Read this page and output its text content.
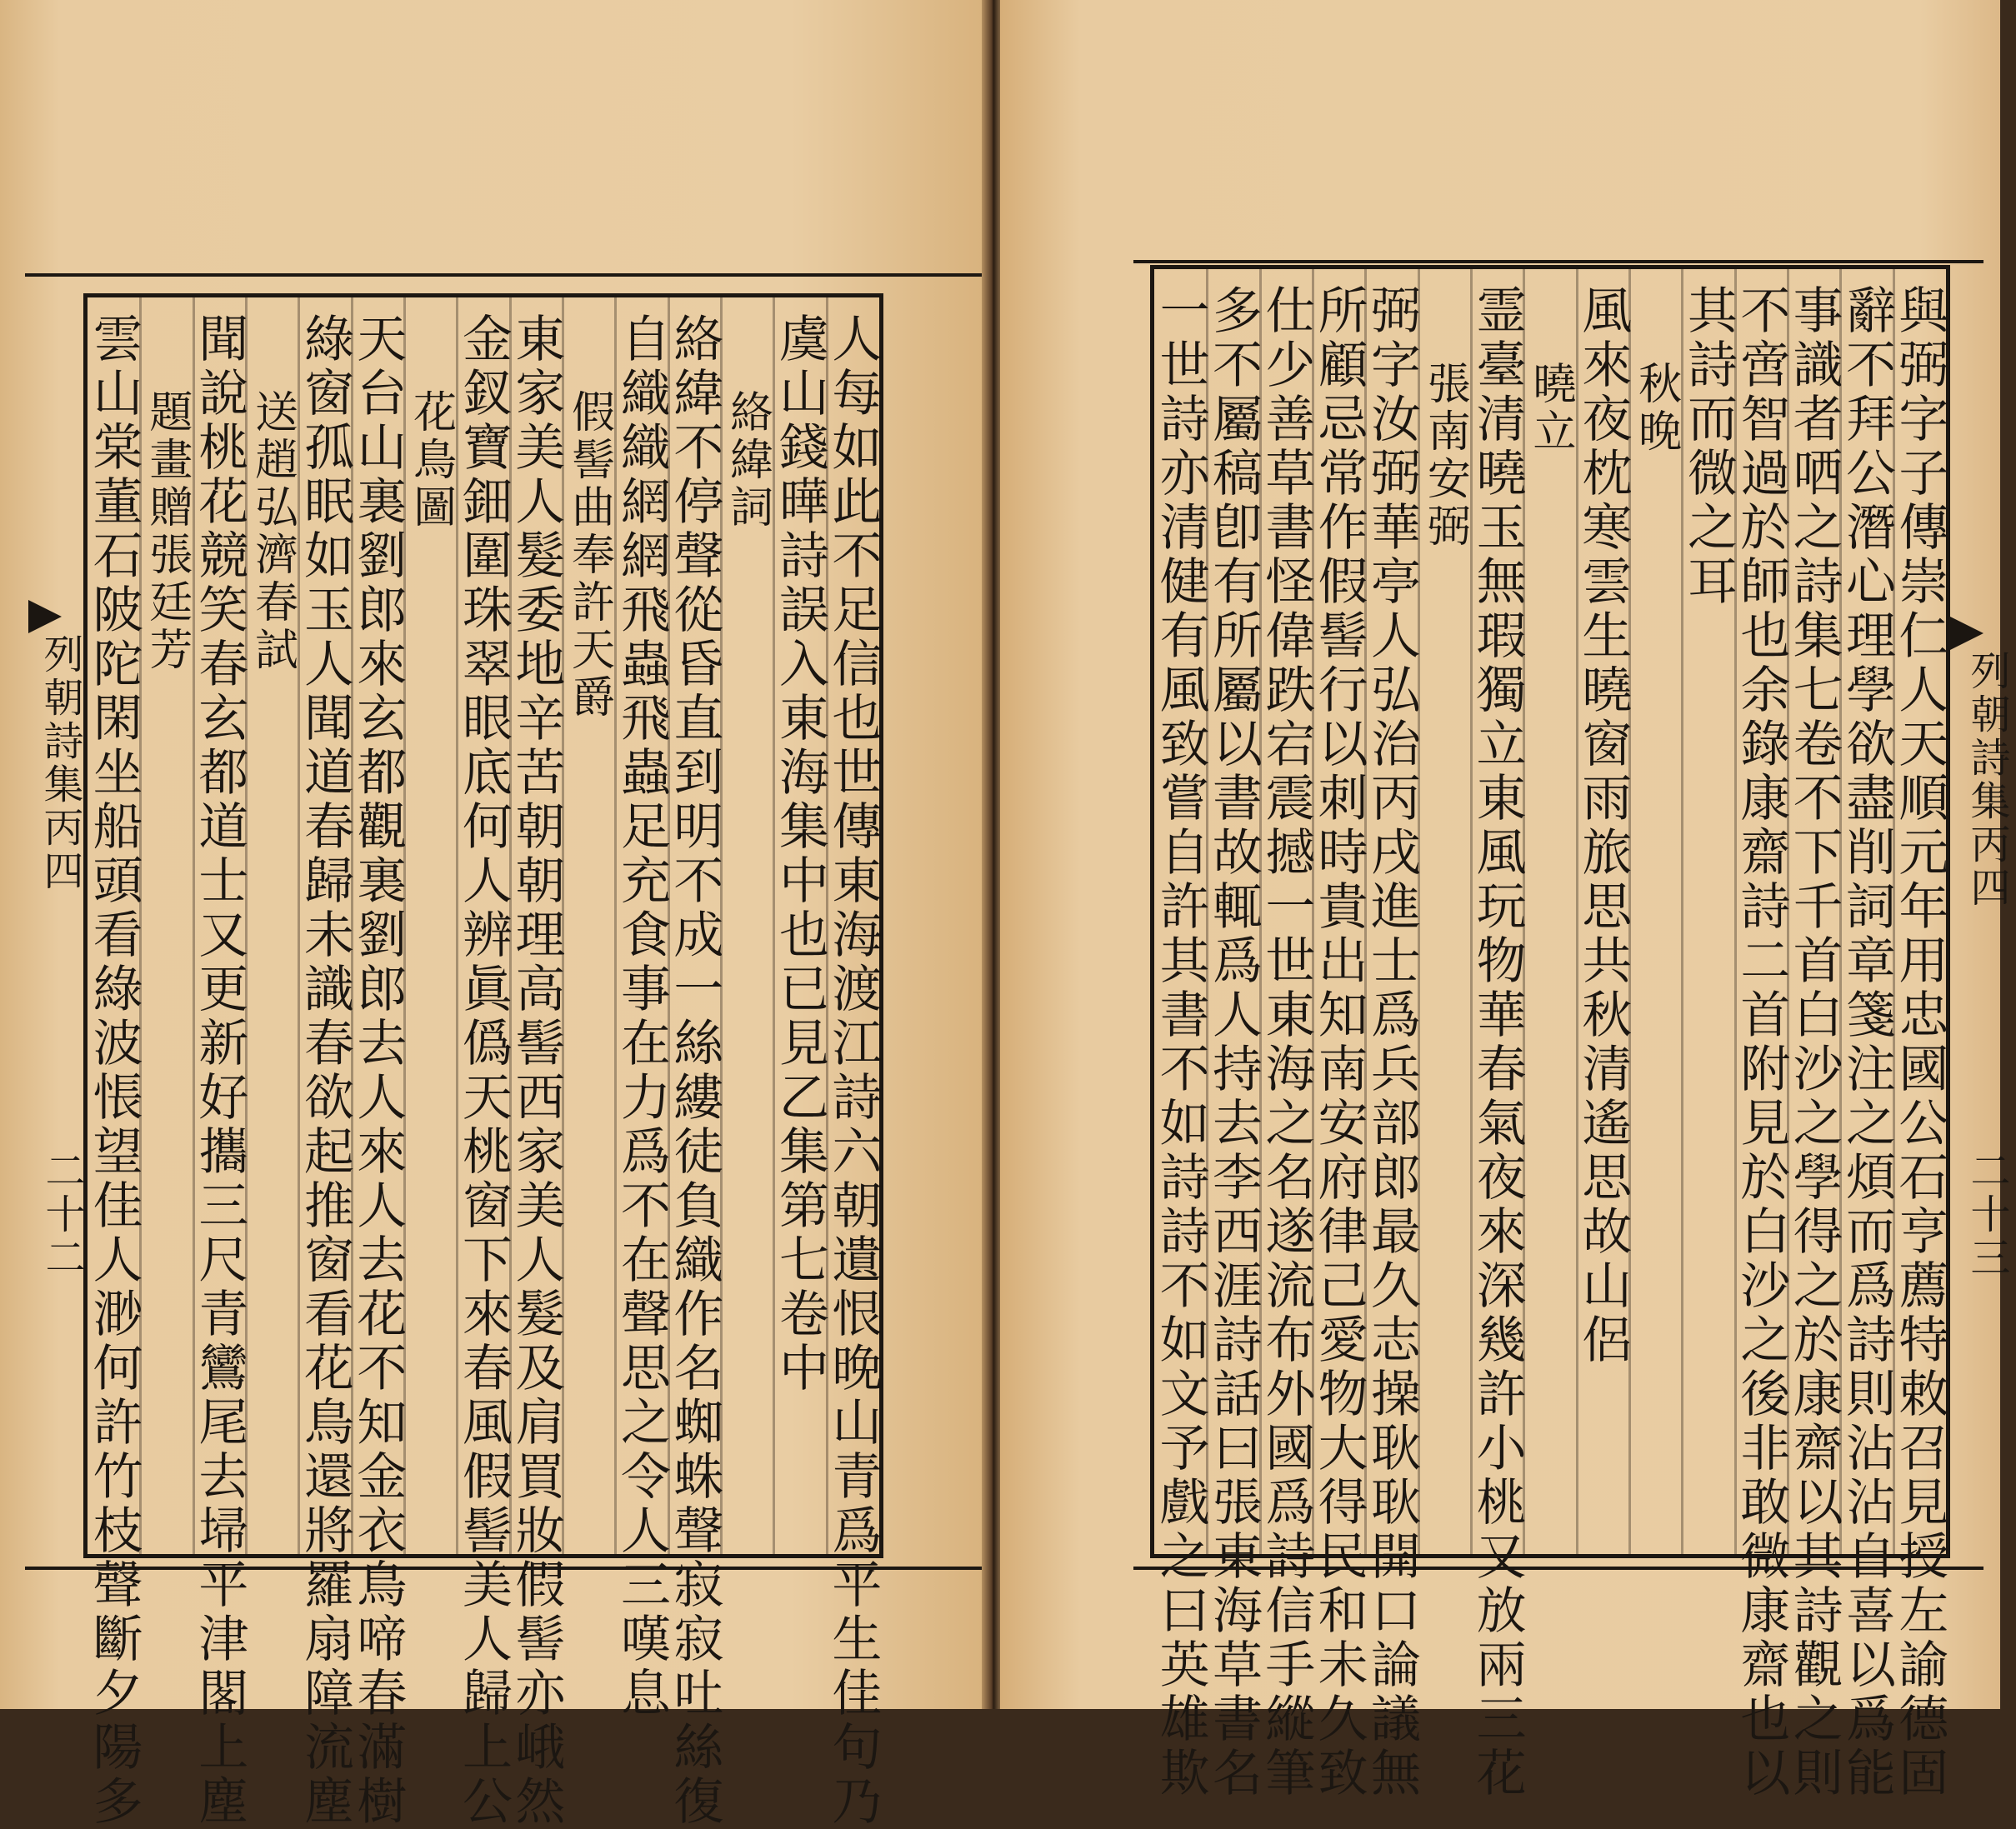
人每如此不足信也世傳東海渡江詩六朝遺恨晚山青爲平生佳句乃
虞山錢曄詩誤入東海集中也已見乙集第七卷中
絡緯詞
絡緯不停聲從昏直到明不成一絲縷徒負織作名蜘蛛聲寂寂吐絲復
自織織網網飛蟲飛蟲足充食事在力爲不在聲思之令人三嘆息
假髻曲奉許天爵
東家美人髮委地辛苦朝朝理高髻西家美人髮及肩買妝假髻亦峨然
金釵寶鈿圍珠翠眼底何人辨眞僞天桃窗下來春風假髻美人歸上公
花鳥圖
天台山裏劉郎來玄都觀裏劉郎去人來人去花不知金衣鳥啼春滿樹
綠窗孤眠如玉人聞道春歸未識春欲起推窗看花鳥還將羅扇障流塵
送趙弘濟春試
聞說桃花競笑春玄都道士又更新好攜三尺青鸞尾去埽平津閣上塵
題畫贈張廷芳
雲山棠董石陂陀閑坐船頭看綠波悵望佳人渺何許竹枝聲斷夕陽多
列朝詩集丙四
二十二	與弼字子傳崇仁人天順元年用忠國公石亨薦特敕召見授左諭德固
辭不拜公潛心理學欲盡削詞章箋注之煩而爲詩則沾沾自喜以爲能
事識者哂之詩集七卷不下千首白沙之學得之於康齋以其詩觀之則
不啻智過於師也余錄康齋詩二首附見於白沙之後非敢微康齋也以
其詩而微之耳
秋晚
風來夜枕寒雲生曉窗雨旅思共秋清遙思故山侶
曉立
霊臺清曉玉無瑕獨立東風玩物華春氣夜來深幾許小桃又放兩三花
張南安弼
弼字汝弼華亭人弘治丙戌進士爲兵部郎最久志操耿耿開口論議無
所顧忌常作假髻行以刺時貴出知南安府律己愛物大得民和未久致
仕少善草書怪偉跌宕震撼一世東海之名遂流布外國爲詩信手縱筆
多不屬稿卽有所屬以書故輒爲人持去李西涯詩話曰張東海草書名
一世詩亦清健有風致嘗自許其書不如詩詩不如文予戲之曰英雄欺	列朝詩集丙四
二十三
